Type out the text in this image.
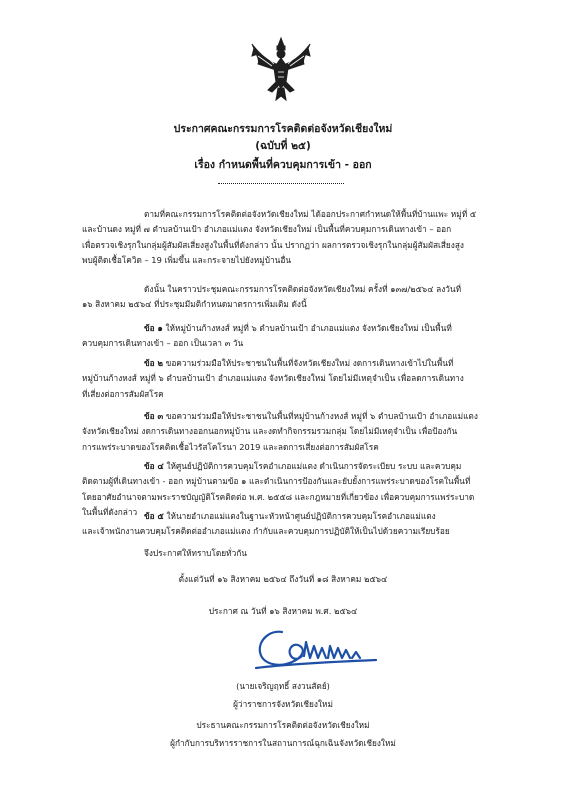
ประกาศคณะกรรมการโรคติดต่อจังหวัดเชียงใหม่
(ฉบับที่ ๒๕)
เรื่อง กำหนดพื้นที่ควบคุมการเข้า - ออก

ตามที่คณะกรรมการโรคติดต่อจังหวัดเชียงใหม่ ได้ออกประกาศกำหนดให้พื้นที่บ้านแพะ หมู่ที่ ๕

และบ้านดง หมู่ที่ ๗ ตำบลบ้านเป้า อำเภอแม่แตง จังหวัดเชียงใหม่ เป็นพื้นที่ควบคุมการเดินทางเข้า – ออก

เพื่อตรวจเชิงรุกในกลุ่มผู้สัมผัสเสี่ยงสูงในพื้นที่ดังกล่าว นั้น ปรากฏว่า ผลการตรวจเชิงรุกในกลุ่มผู้สัมผัสเสี่ยงสูง

พบผู้ติดเชื้อโควิด – 19 เพิ่มขึ้น และกระจายไปยังหมู่บ้านอื่น

ดังนั้น ในคราวประชุมคณะกรรมการโรคติดต่อจังหวัดเชียงใหม่ ครั้งที่ ๑๓๗/๒๕๖๔ ลงวันที่

๑๖ สิงหาคม ๒๕๖๔ ที่ประชุมมีมติกำหนดมาตรการเพิ่มเติม ดังนี้

ข้อ ๑ ให้หมู่บ้านก้างหงส์ หมู่ที่ ๖ ตำบลบ้านเป้า อำเภอแม่แตง จังหวัดเชียงใหม่ เป็นพื้นที่

ควบคุมการเดินทางเข้า – ออก เป็นเวลา ๓ วัน

ข้อ ๒ ขอความร่วมมือให้ประชาชนในพื้นที่จังหวัดเชียงใหม่ งดการเดินทางเข้าไปในพื้นที่

หมู่บ้านก้างหงส์ หมู่ที่ ๖ ตำบลบ้านเป้า อำเภอแม่แตง จังหวัดเชียงใหม่ โดยไม่มีเหตุจำเป็น เพื่อลดการเดินทาง

ที่เสี่ยงต่อการสัมผัสโรค

ข้อ ๓ ขอความร่วมมือให้ประชาชนในพื้นที่หมู่บ้านก้างหงส์ หมู่ที่ ๖ ตำบลบ้านเป้า อำเภอแม่แตง

จังหวัดเชียงใหม่ งดการเดินทางออกนอกหมู่บ้าน และงดทำกิจกรรมรวมกลุ่ม โดยไม่มีเหตุจำเป็น เพื่อป้องกัน

การแพร่ระบาดของโรคติดเชื้อไวรัสโคโรนา 2019 และลดการเสี่ยงต่อการสัมผัสโรค

ข้อ ๔ ให้ศูนย์ปฏิบัติการควบคุมโรคอำเภอแม่แตง ดำเนินการจัดระเบียบ ระบบ และควบคุม

ติดตามผู้ที่เดินทางเข้า - ออก หมู่บ้านตามข้อ ๑ และดำเนินการป้องกันและยับยั้งการแพร่ระบาดของโรคในพื้นที่

โดยอาศัยอำนาจตามพระราชบัญญัติโรคติดต่อ พ.ศ. ๒๕๕๘ และกฎหมายที่เกี่ยวข้อง เพื่อควบคุมการแพร่ระบาด

ในพื้นที่ดังกล่าว ข้อ ๕ ให้นายอำเภอแม่แตงในฐานะหัวหน้าศูนย์ปฏิบัติการควบคุมโรคอำเภอแม่แตง

และเจ้าพนักงานควบคุมโรคติดต่ออำเภอแม่แตง กำกับและควบคุมการปฏิบัติให้เป็นไปด้วยความเรียบร้อย

จึงประกาศให้ทราบโดยทั่วกัน

ตั้งแต่วันที่ ๑๖ สิงหาคม ๒๕๖๔ ถึงวันที่ ๑๘ สิงหาคม ๒๕๖๔
ประกาศ ณ วันที่ ๑๖ สิงหาคม พ.ศ. ๒๕๖๔
(นายเจริญฤทธิ์ สงวนสัตย์)
ผู้ว่าราชการจังหวัดเชียงใหม่
ประธานคณะกรรมการโรคติดต่อจังหวัดเชียงใหม่
ผู้กำกับการบริหารราชการในสถานการณ์ฉุกเฉินจังหวัดเชียงใหม่
